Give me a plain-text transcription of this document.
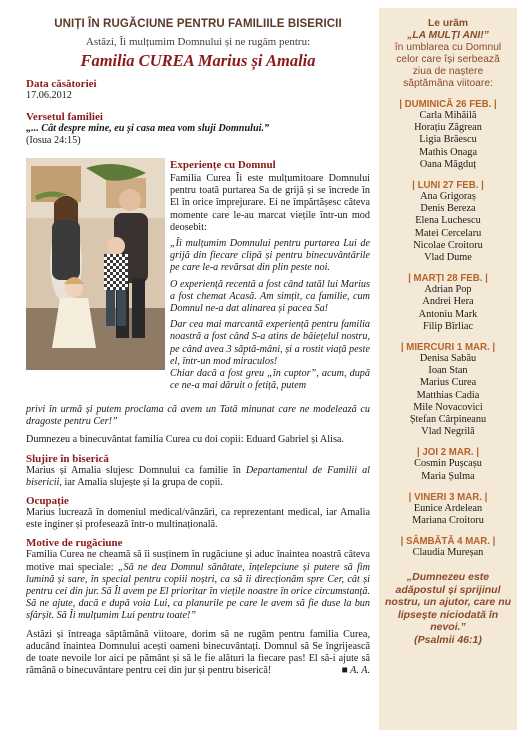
UNIȚI ÎN RUGĂCIUNE PENTRU FAMILIILE BISERICII
Astăzi, Îi mulțumim Domnului și ne rugăm pentru:
Familia CUREA Marius și Amalia
Data căsătoriei
17.06.2012
Versetul familiei
„... Cât despre mine, eu și casa mea vom sluji Domnului.”
(Iosua 24:15)
Experiențe cu Domnul
Familia Curea Îi este mulțumitoare Domnului pentru toată purtarea Sa de grijă și se încrede în El în orice împrejurare. Ei ne împărtășesc câteva momente care le-au marcat viețile într-un mod deosebit:
„Îi mulțumim Domnului pentru purtarea Lui de grijă din fiecare clipă și pentru binecuvântările pe care le-a revărsat din plin peste noi.
O experiență recentă a fost când tatăl lui Marius a fost chemat Acasă. Am simțit, ca familie, cum Domnul ne-a dat alinarea și pacea Sa!
Dar cea mai marcantă experiență pentru familia noastră a fost când S-a atins de băiețelul nostru, pe când avea 3 săptă-mâni, și a rostit viață peste el, într-un mod miraculos!
Chiar dacă a fost greu „în cuptor”, acum, după ce ne-a mai dăruit o fetiță, putem
privi în urmă și putem proclama că avem un Tată minunat care ne modelează cu dragoste pentru Cer!”
Dumnezeu a binecuvântat familia Curea cu doi copii: Eduard Gabriel și Alisa.
Slujire în biserică
Marius și Amalia slujesc Domnului ca familie în Departamentul de Familii al bisericii, iar Amalia slujește și la grupa de copii.
Ocupație
Marius lucrează în domeniul medical/vânzări, ca reprezentant medical, iar Amalia este inginer și profesează într-o multinațională.
Motive de rugăciune
Familia Curea ne cheamă să îi susținem în rugăciune și aduc înaintea noastră câteva motive mai speciale: „Să ne dea Domnul sănătate, înțelepciune și putere să fim lumină și sare, în special pentru copiii noștri, ca să îi direcționăm spre Cer, cât și pentru cei din jur. Să Îl avem pe El prioritar în viețile noastre în orice circumstanță. Să ne ajute, dacă e după voia Lui, ca planurile pe care le avem să fie duse la bun sfârșit. Să Îi mulțumim Lui pentru toate!”
Astăzi și întreaga săptămână viitoare, dorim să ne rugăm pentru familia Curea, aducând înaintea Domnului acești oameni binecuvântați. Domnul să Se îngrijească de toate nevoile lor aici pe pământ și să le fie alături la fiecare pas! El să-i ajute să rămână o binecuvântare pentru cei din jur și pentru biserică!	■ A. A.
Le urăm
„LA MULȚI ANI!”
în umblarea cu Domnul celor care își serbează ziua de naștere săptămâna viitoare:
| DUMINICĂ 26 FEB. |
Carla Mihăilă
Horațiu Zăgrean
Ligia Brăescu
Mathis Onaga
Oana Măgduț
| LUNI 27 FEB. |
Ana Grigoraș
Denis Bereza
Elena Luchescu
Matei Cercelaru
Nicolae Croitoru
Vlad Dume
| MARȚI 28 FEB. |
Adrian Pop
Andrei Hera
Antoniu Mark
Filip Bîrliac
| MIERCURI 1 MAR. |
Denisa Sabău
Ioan Stan
Marius Curea
Matthias Cadia
Mile Novacovici
Ștefan Cârpineanu
Vlad Negrilă
| JOI 2 MAR. |
Cosmin Pușcașu
Maria Șulma
| VINERI 3 MAR. |
Eunice Ardelean
Mariana Croitoru
| SÂMBĂTĂ 4 MAR. |
Claudia Mureșan
„Dumnezeu este adăpostul și sprijinul nostru, un ajutor, care nu lipsește niciodată în nevoi.”
(Psalmii 46:1)
